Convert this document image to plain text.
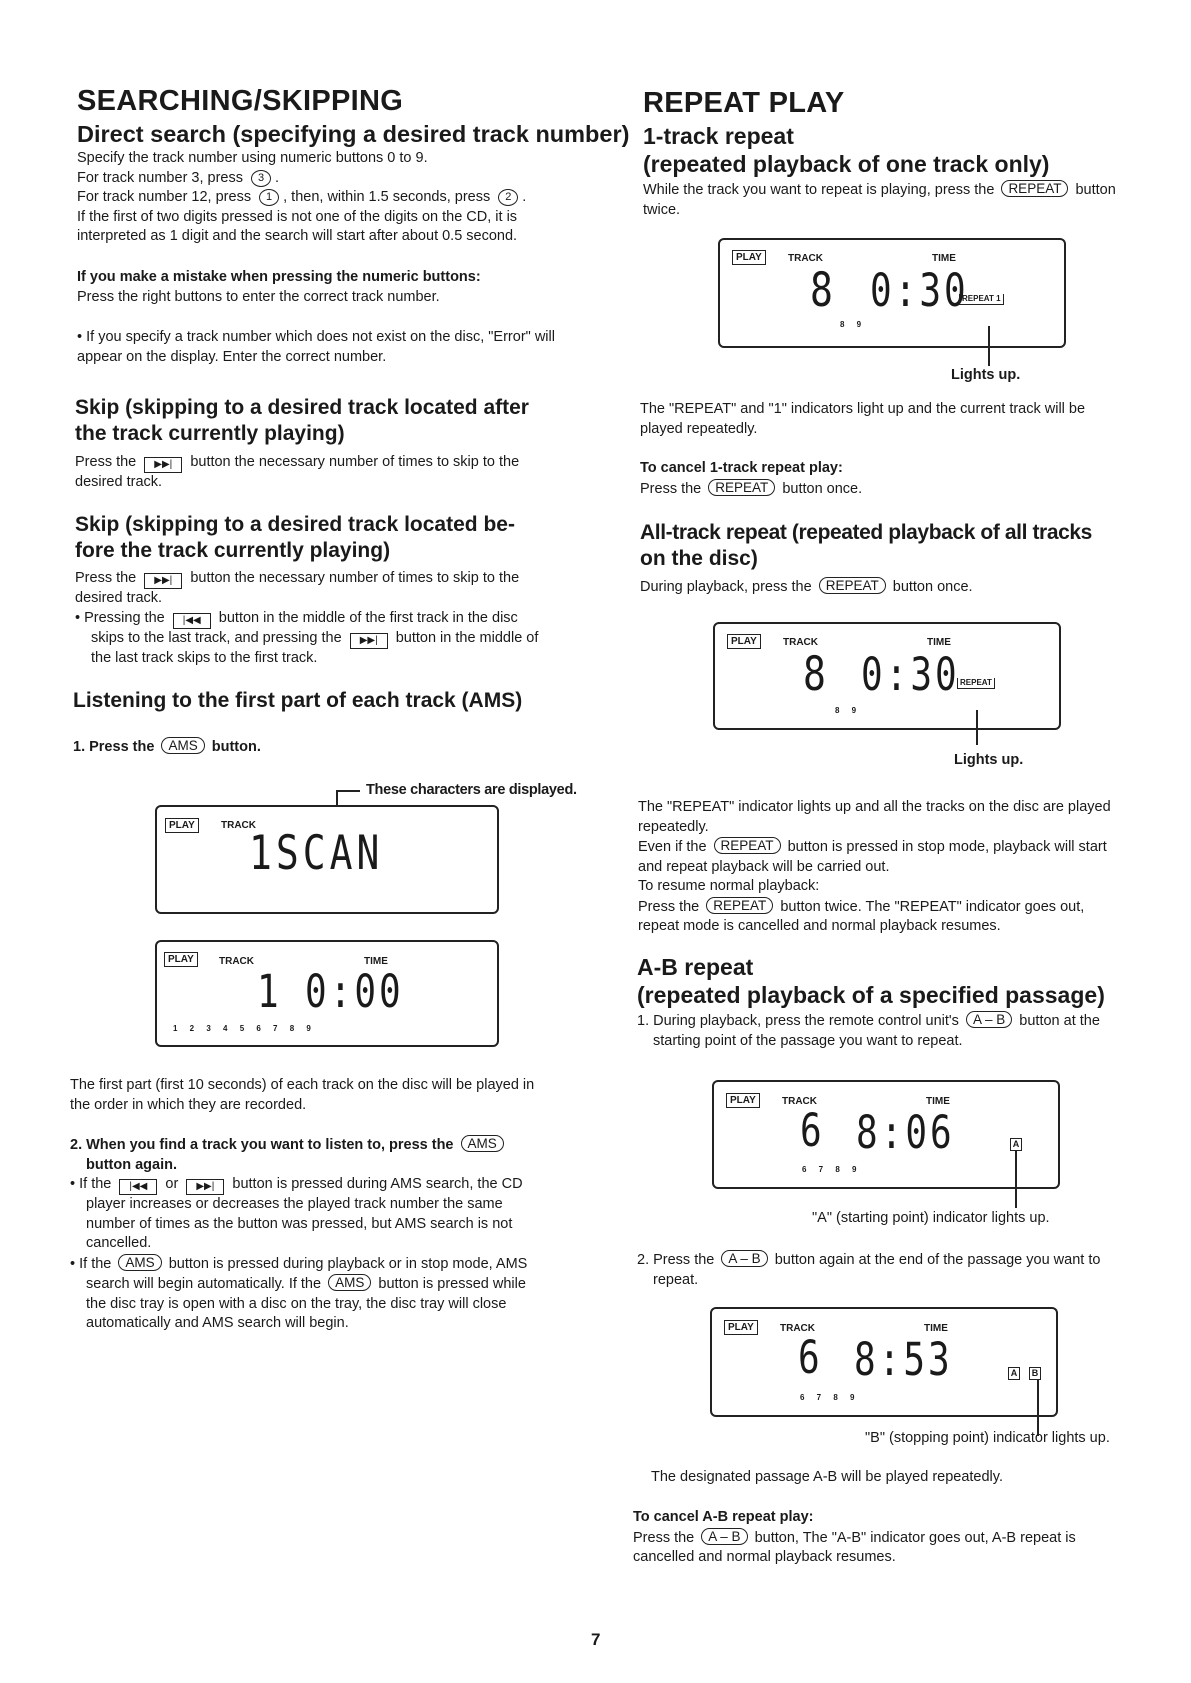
SEARCHING/SKIPPING
Direct search (specifying a desired track number)
Specify the track number using numeric buttons 0 to 9.
For track number 3, press 3 .
For track number 12, press 1 , then, within 1.5 seconds, press 2 .
If the first of two digits pressed is not one of the digits on the CD, it is
interpreted as 1 digit and the search will start after about 0.5 second.
If you make a mistake when pressing the numeric buttons:
Press the right buttons to enter the correct track number.
• If you specify a track number which does not exist on the disc, "Error" will
appear on the display. Enter the correct number.
Skip (skipping to a desired track located after
the track currently playing)
Press the ▶▶| button the necessary number of times to skip to the
desired track.
Skip (skipping to a desired track located be-
fore the track currently playing)
Press the ▶▶| button the necessary number of times to skip to the
desired track.
• Pressing the |◀◀ button in the middle of the first track in the disc
skips to the last track, and pressing the ▶▶| button in the middle of
the last track skips to the first track.
Listening to the first part of each track (AMS)
1. Press the AMS button.
These characters are displayed.
PLAY	TRACK
1SCAN
PLAY	TRACK	TIME
1 0:00
1 2 3 4 5 6 7 8 9
The first part (first 10 seconds) of each track on the disc will be played in
the order in which they are recorded.
2. When you find a track you want to listen to, press the AMS
button again.
• If the |◀◀ or ▶▶| button is pressed during AMS search, the CD
player increases or decreases the played track number the same
number of times as the button was pressed, but AMS search is not
cancelled.
• If the AMS button is pressed during playback or in stop mode, AMS
search will begin automatically. If the AMS button is pressed while
the disc tray is open with a disc on the tray, the disc tray will close
automatically and AMS search will begin.
REPEAT PLAY
1-track repeat
(repeated playback of one track only)
While the track you want to repeat is playing, press the REPEAT button
twice.
PLAY	TRACK	TIME
8 0:30
REPEAT 1
8 9
Lights up.
The "REPEAT" and "1" indicators light up and the current track will be
played repeatedly.
To cancel 1-track repeat play:
Press the REPEAT button once.
All-track repeat (repeated playback of all tracks
on the disc)
During playback, press the REPEAT button once.
PLAY	TRACK	TIME
8 0:30 REPEAT
8 9
Lights up.
The "REPEAT" indicator lights up and all the tracks on the disc are played
repeatedly.
Even if the REPEAT button is pressed in stop mode, playback will start
and repeat playback will be carried out.
To resume normal playback:
Press the REPEAT button twice. The "REPEAT" indicator goes out,
repeat mode is cancelled and normal playback resumes.
A-B repeat
(repeated playback of a specified passage)
1. During playback, press the remote control unit's A – B button at the
starting point of the passage you want to repeat.
PLAY	TRACK	TIME
6 8:06	A
6 7 8 9
"A" (starting point) indicator lights up.
2. Press the A – B button again at the end of the passage you want to
repeat.
PLAY	TRACK	TIME
6 8:53	A	B
6 7 8 9
"B" (stopping point) indicator lights up.
The designated passage A-B will be played repeatedly.
To cancel A-B repeat play:
Press the A – B button, The "A-B" indicator goes out, A-B repeat is
cancelled and normal playback resumes.
7
